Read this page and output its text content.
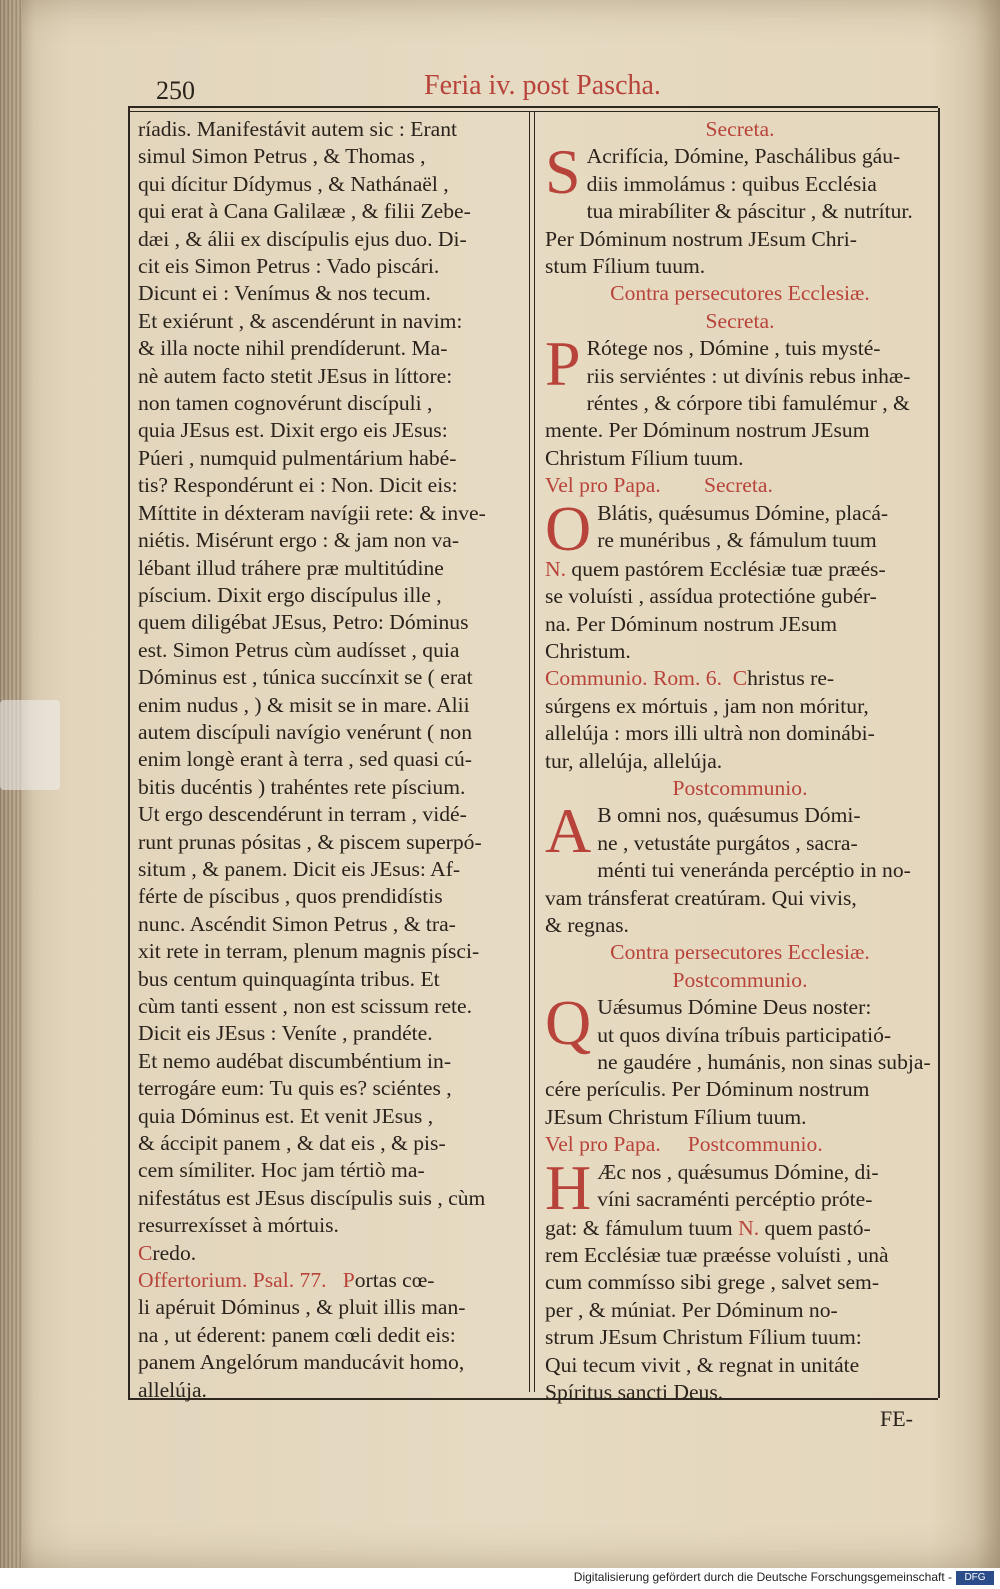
250	Feria iv. post Pascha.
ríadis. Manifestávit autem sic : Erant
simul Simon Petrus , & Thomas ,
qui dícitur Dídymus , & Nathánaël ,
qui erat à Cana Galilææ , & filii Zebe-
dæi , & álii ex discípulis ejus duo. Di-
cit eis Simon Petrus : Vado piscári.
Dicunt ei : Venímus & nos tecum.
Et exiérunt , & ascendérunt in navim:
& illa nocte nihil prendíderunt. Ma-
nè autem facto stetit JEsus in líttore:
non tamen cognovérunt discípuli ,
quia JEsus est. Dixit ergo eis JEsus:
Púeri , numquid pulmentárium habé-
tis? Respondérunt ei : Non. Dicit eis:
Míttite in déxteram navígii rete: & inve-
niétis. Misérunt ergo : & jam non va-
lébant illud tráhere præ multitúdine
píscium. Dixit ergo discípulus ille ,
quem diligébat JEsus, Petro: Dóminus
est. Simon Petrus cùm audísset , quia
Dóminus est , túnica succínxit se ( erat
enim nudus , ) & misit se in mare. Alii
autem discípuli navígio venérunt ( non
enim longè erant à terra , sed quasi cú-
bitis ducéntis ) trahéntes rete píscium.
Ut ergo descendérunt in terram , vidé-
runt prunas pósitas , & piscem superpó-
situm , & panem. Dicit eis JEsus: Af-
férte de píscibus , quos prendidístis
nunc. Ascéndit Simon Petrus , & tra-
xit rete in terram, plenum magnis písci-
bus centum quinquagínta tribus. Et
cùm tanti essent , non est scissum rete.
Dicit eis JEsus : Veníte , prandéte.
Et nemo audébat discumbéntium in-
terrogáre eum: Tu quis es? sciéntes ,
quia Dóminus est. Et venit JEsus ,
& áccipit panem , & dat eis , & pis-
cem símiliter. Hoc jam tértiò ma-
nifestátus est JEsus discípulis suis , cùm
resurrexísset à mórtuis.
Credo.
Offertorium. Psal. 77. Portas cœ-
li apéruit Dóminus , & pluit illis man-
na , ut éderent: panem cœli dedit eis:
panem Angelórum manducávit homo,
allelúja.
Secreta.
S Acrifícia, Dómine, Paschálibus gáu-
diis immolámus : quibus Ecclésia
tua mirabíliter & páscitur , & nutrítur.
Per Dóminum nostrum JEsum Chri-
stum Fílium tuum.
Contra persecutores Ecclesiæ.
Secreta.
P Rótege nos , Dómine , tuis mysté-
riis serviéntes : ut divínis rebus inhæ-
réntes , & córpore tibi famulémur , &
mente. Per Dóminum nostrum JEsum
Christum Fílium tuum.
Vel pro Papa. Secreta.
O Blátis, quǽsumus Dómine, placá-
re munéribus , & fámulum tuum
N. quem pastórem Ecclésiæ tuæ præés-
se voluísti , assídua protectióne gubér-
na. Per Dóminum nostrum JEsum
Christum.
Communio. Rom. 6. Christus re-
súrgens ex mórtuis , jam non móritur,
allelúja : mors illi ultrà non dominábi-
tur, allelúja, allelúja.
Postcommunio.
A B omni nos, quǽsumus Dómi-
ne , vetustáte purgátos , sacra-
ménti tui venerándа percéptio in no-
vam tránsferat creatúram. Qui vivis,
& regnas.
Contra persecutores Ecclesiæ.
Postcommunio.
Q Uǽsumus Dómine Deus noster:
ut quos divína tríbuis participatió-
ne gaudére , humánis, non sinas subja-
cére perículis. Per Dóminum nostrum
JEsum Christum Fílium tuum.
Vel pro Papa. Postcommunio.
H Æc nos , quǽsumus Dómine, di-
víni sacraménti percéptio próte-
gat: & fámulum tuum N. quem pastó-
rem Ecclésiæ tuæ præésse voluísti , unà
cum commísso sibi grege , salvet sem-
per , & múniat. Per Dóminum no-
strum JEsum Christum Fílium tuum:
Qui tecum vivit , & regnat in unitáte
Spíritus sancti Deus.
FE-
Digitalisierung gefördert durch die Deutsche Forschungsgemeinschaft -	DFG
